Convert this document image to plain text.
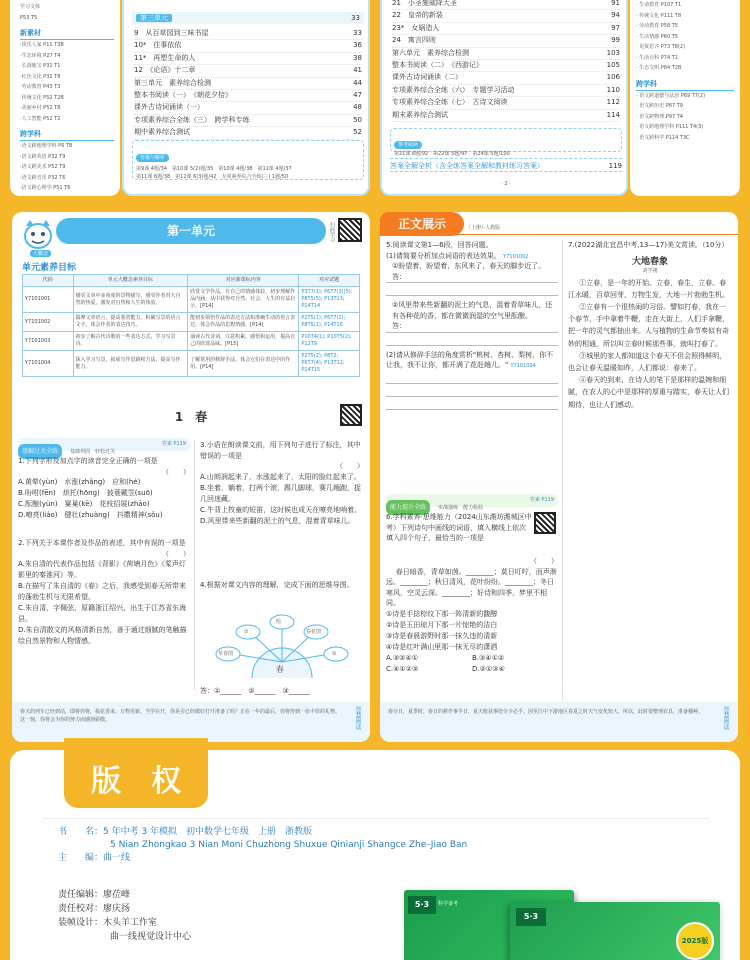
学习文体
P53 T5
新素材
·快乐人家 P11 T3B
·生态环境 P27 T4
·长颈鹿宝 P31 T1
·红色文化 P32 T8
·劳动教育 P43 T3
·传统文化 P52 T2B
·美丽乡村 P52 T8
·人工智能 P52 T2
跨学科
·语文跨地理学科 P6 T8
·语文跨英语 P32 T9
·语文跨美术 P52 T9
·语文跨音乐 P32 T6
·语文跨心理学 P51 T6
第三单元	33
9　从百草园到三味书屋	33
10*　往事依依	36
11*　再塑生命的人	38
12　《论语》十二章	41
第三单元　素养综合检测	44
整本书阅读（一）　《朝花夕拾》	47
课外古诗词诵读（一）	48
专项素养综合全练（三）　跨学科专练	50
期中素养综合测试	52
答案与解析
第9课 4题/34　第10课 5(2)题/35　第10课 4题/38　第11课 4题/37
第11课 6题/38　第12课 6(3)题/42　专项素养综合全练(三) 1题/50
21　小圣施威降大圣	91
22　皇帝的新装	94
23*　女娲造人	97
24　寓言四则	99
第六单元　素养综合检测	103
整本书阅读（二）　《西游记》	105
课外古诗词诵读（二）	106
专项素养综合全练（六）　专题学习活动	110
专项素养综合全练（七）　古诗文阅读	112
期末素养综合测试	114
参考阅读
第21课 6题/92　第22课 5题/97　第24课 5题/100
答案全解全析（含全练答案全解和教材练习答案）	119
· 2 ·
· 生命教育 P107 T1
· 传统文化 P111 T8
· 劳动教育 P58 T5
· 生活情感 P60 T5
· 见贤思齐 P73 T8(2)
· 生活百科 P74 T1
· 生态文明 P84 T2B
跨学科
· 语文跨道德与法治 P69 T7(2)
· 语文跨历史 P87 T9
· 语文跨物理 P97 T4
· 语文跨地理学科 P111 T4(3)
· 语文跨科学 P114 T3C
第一单元	扫码学习
大概念
单元素养目标
代码	单元大概念素养目标	对应新课标内容	对应试题
Y7101001	感受文章中多角度的景物描写，感受作者对大自然的热爱，激发对自然和人生的体验。	欣赏文学作品，有自己的情感体验，初步理解作品内涵，从中获得对自然、社会、人生的有益启示。[P14]	P3T7(1); P6T7(3)(5); P8T5(5); P13T13; P14T14
Y7101002	揣摩文章语言，提高鉴赏能力，积累写景的语言文字，体会作者的表达技巧。	能初步领悟作品的表达方法和准确生动的语言表达，体会作品的思想情感。[P14]	P2T5(1); P6T7(2); P8T5(1); P14T16
Y7101003	初步了解古代诗歌的一些表达方式，学习写景诗。	诵读古代诗词，注意积累、感悟和运用，提高自己的欣赏品味。[P15]	P10T4(1); P10T5(2); P12T9
Y7101004	深入学习写景，拓展写作思路和方法，提高写作能力。	了解常用的修辞手法，体会它们在表达中的作用。[P14]	P2T5(2); P8T2; P6T7(4); P13T12; P14T15
1　春
基础过关全练 基础巩固　轻松过关
答案 P119
1.下列字形及加点字的读音完全正确的一项是
（　　）
A.黄晕(yùn)　水涨(zhǎng)　应和(hè)
B.吩咐(fēn)　烘托(hōng)　披蓑戴笠(suō)
C.酝酿(yùn)　窠巢(kē)　花枝招展(zhāo)
D.嘹亮(liáo)　健壮(zhuàng)　抖擞精神(sǒu)
2.下列关于本课作者及作品的表述，其中有误的一项是
（　　）
A.朱自清的代表作品包括《背影》《荷塘月色》《桨声灯影里的秦淮河》等。
B.在描写了朱自清的《春》之后，我感受到春天所带来的蓬勃生机与无限希望。
C.朱自清，字佩弦，原籍浙江绍兴，出生于江苏省东海县。
D.朱自清散文的风格清新自然，善于通过细腻的笔触描绘自然景物和人物情感。
3.小语在朗读课文前，用下列句子进行了标注，其中错误的一项是
（　　）
A.山朗润起来了，水涨起来了，太阳的脸红起来了。
B.坐着，躺着，打两个滚，踢几脚球，赛几趟跑，捉几回迷藏。
C.牛背上牧童的短笛，这时候也成天在嘹亮地响着。
D.风里带来些新翻的泥土的气息，混着青草味儿。
4.根据对课文内容的理解，完成下面的思维导图。
春
绘
春花图
草春图
①
②
答：①______　②______　③______
春天的列车已经到站，即将你将，梳花香来，万物更新。当学在开，你是否已经做好打开准备了吗？正在一年的最后，你将得到一份丰厚的礼物。这一刻，你将会为你的努力而感到骄傲。	智慧阅读
（上册）·人教版
5.阅读课文第1—6段，回答问题。
(1)请简要分析加点词语的表达效果。 Y7101002
①盼望着，盼望着，东风来了，春天的脚步近了。
答：
②风里带来些新翻的泥土的气息，混着青草味儿，还有各种花的香，都在微微润湿的空气里酝酿。
答：
(2)请从修辞手法的角度赏析"桃树、杏树、梨树，你不让我，我不让你，都开满了花赶趟儿。" Y7101004
能力提升全练 实战演练　能力检验
答案 P119
6.学科素养·思维能力（2024山东潍坊潍城区中考）下列诗句中画线的词语，填入横线上依次填入四个句子，最恰当的一项是
（　　）
春日暗香，青草如茵。________；莫日叮咛，而声渐远。________；秋日清风，花叶纷纷。________；冬日寒风，空灵云深。________；好诗和四季，梦里不相同。
①诗是手捻棕纹下那一阵清新的馥醇
②诗是玉田琼月下那一片惊艳的洁白
③诗是春晨游野时那一抹久违的清新
④诗是红叶满山里那一抹无尽的潇洒
A.③②④①	B.③④①②
C.④①②③	D.②①③④
7.(2022湖北宜昌中考,13—17)美文赏读。（10分）
大地春象
刘学刚

①立春，是一年的开始。立春，春生，立春。春江水暖，百草回芽，万物生发，大地一片勃勃生机。

②立春有一个很热闹的习俗。譬如打春，我在一个春节，手中拿着牛鞭，走在大街上，人们手拿鞭，把一年的灵气都抽出来。人与植物的生命节奏似有奇妙的相通，所以叫立春时候那些事，就叫打春了。

③城里的家人都知道这个春天不但会照得鲜明，也会让春天温暖如昨，人们都说：春来了。

④春天的到来，在诗人的笔下是那样的温婉和细腻，在农人的心中是那样的厚重与踏实，春天让人们期待，也让人们感动。

春分日，夏季时，春日的耕作事半日，夏天收获事倍分少必手。因至江中下游地区春夏之时天气变化较大，所以，此时要整理农具，准备播种。	智慧阅读
正文展示
版　权
书　　名：5 年中考 3 年模拟　初中数学七年级　上册　浙教版
5 Nian Zhongkao 3 Nian Moni Chuzhong Shuxue Qinianji Shangce Zhe–Jiao Ban
主　　编：曲一线
责任编辑：廖莅峰
责任校对：廖庆扬
装帧设计：木头羊工作室
曲一线视觉设计中心
5·3	科学备考
5·3
2025版
